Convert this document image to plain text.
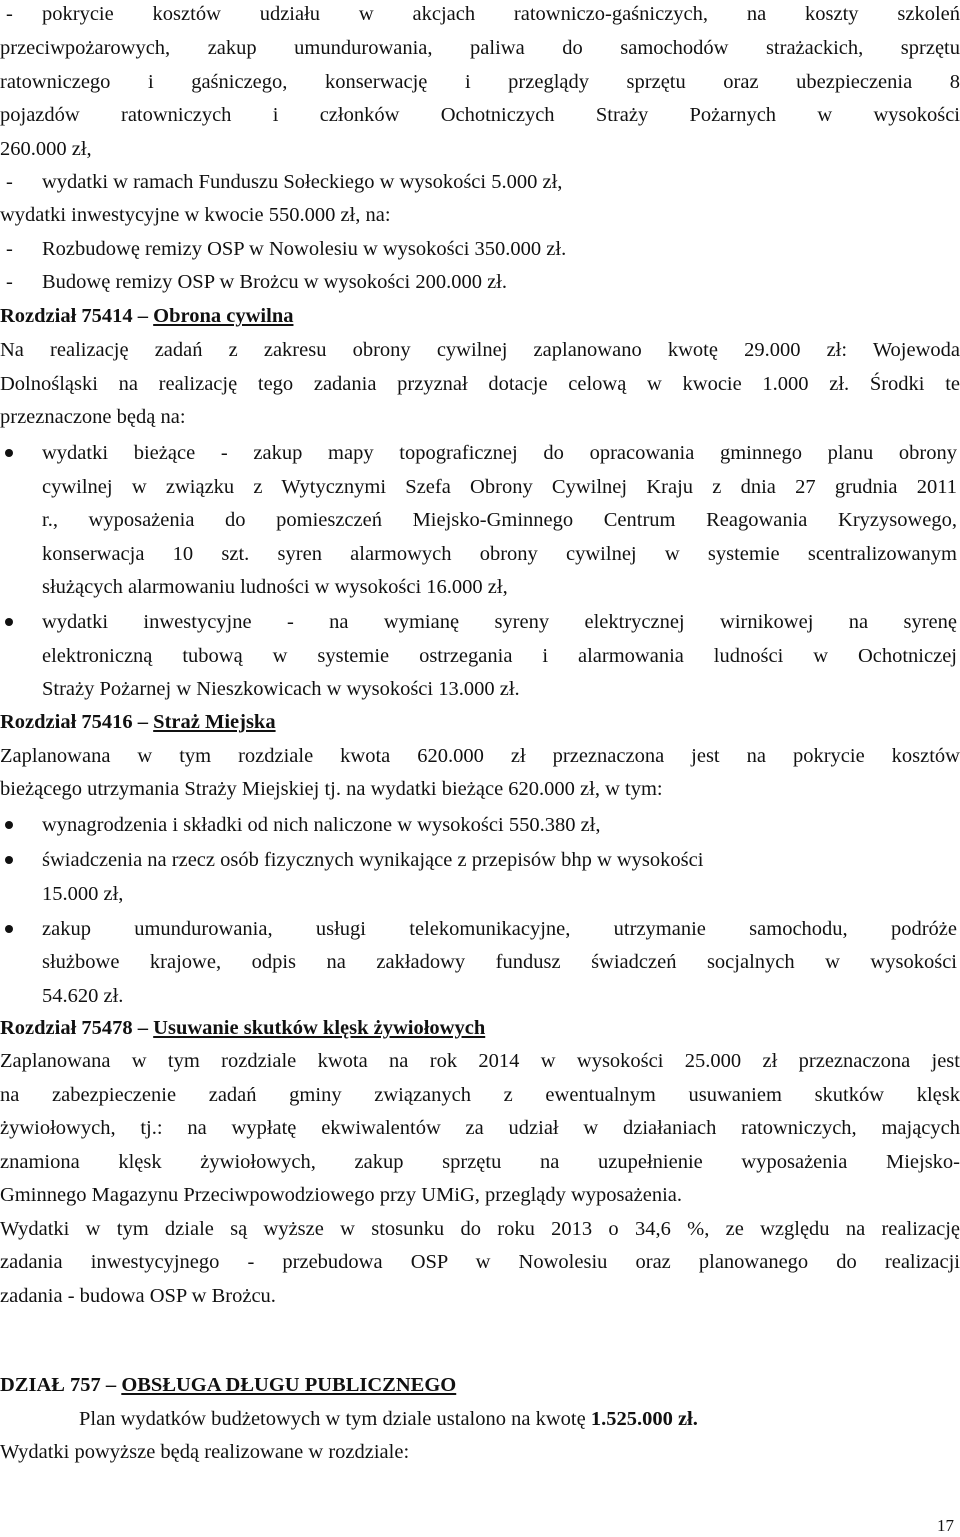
- pokrycie kosztów udziału w akcjach ratowniczo-gaśniczych, na koszty szkoleń
przeciwpożarowych, zakup umundurowania, paliwa do samochodów strażackich, sprzętu
ratowniczego i gaśniczego, konserwację i przeglądy sprzętu oraz ubezpieczenia 8
pojazdów ratowniczych i członków Ochotniczych Straży Pożarnych w wysokości
260.000 zł,
- wydatki w ramach Funduszu Sołeckiego w wysokości 5.000 zł,
wydatki inwestycyjne w kwocie 550.000 zł, na:
- Rozbudowę remizy OSP w Nowolesiu w wysokości 350.000 zł.
- Budowę remizy OSP w Brożcu w wysokości 200.000 zł.
Rozdział 75414 – Obrona cywilna
Na realizację zadań z zakresu obrony cywilnej zaplanowano kwotę 29.000 zł: Wojewoda
Dolnośląski na realizację tego zadania przyznał dotacje celową w kwocie 1.000 zł. Środki te
przeznaczone będą na:
wydatki bieżące - zakup mapy topograficznej do opracowania gminnego planu obrony
cywilnej w związku z Wytycznymi Szefa Obrony Cywilnej Kraju z dnia 27 grudnia 2011
r., wyposażenia do pomieszczeń Miejsko-Gminnego Centrum Reagowania Kryzysowego,
konserwacja 10 szt. syren alarmowych obrony cywilnej w systemie scentralizowanym
służących alarmowaniu ludności w wysokości 16.000 zł,
wydatki inwestycyjne - na wymianę syreny elektrycznej wirnikowej na syrenę
elektroniczną tubową w systemie ostrzegania i alarmowania ludności w Ochotniczej
Straży Pożarnej w Nieszkowicach w wysokości 13.000 zł.
Rozdział 75416 – Straż Miejska
Zaplanowana w tym rozdziale kwota 620.000 zł przeznaczona jest na pokrycie kosztów
bieżącego utrzymania Straży Miejskiej tj. na wydatki bieżące 620.000 zł, w tym:
wynagrodzenia i składki od nich naliczone w wysokości 550.380 zł,
świadczenia na rzecz osób fizycznych wynikające z przepisów bhp w wysokości
15.000 zł,
zakup umundurowania, usługi telekomunikacyjne, utrzymanie samochodu, podróże
służbowe krajowe, odpis na zakładowy fundusz świadczeń socjalnych w wysokości
54.620 zł.
Rozdział 75478 – Usuwanie skutków klęsk żywiołowych
Zaplanowana w tym rozdziale kwota na rok 2014 w wysokości 25.000 zł przeznaczona jest
na zabezpieczenie zadań gminy związanych z ewentualnym usuwaniem skutków klęsk
żywiołowych, tj.: na wypłatę ekwiwalentów za udział w działaniach ratowniczych, mających
znamiona klęsk żywiołowych, zakup sprzętu na uzupełnienie wyposażenia Miejsko-
Gminnego Magazynu Przeciwpowodziowego przy UMiG, przeglądy wyposażenia.
Wydatki w tym dziale są wyższe w stosunku do roku 2013 o 34,6 %, ze względu na realizację
zadania inwestycyjnego - przebudowa OSP w Nowolesiu oraz planowanego do realizacji
zadania - budowa OSP w Brożcu.
DZIAŁ 757 – OBSŁUGA DŁUGU PUBLICZNEGO
Plan wydatków budżetowych w tym dziale ustalono na kwotę 1.525.000 zł.
Wydatki powyższe będą realizowane w rozdziale:
17
